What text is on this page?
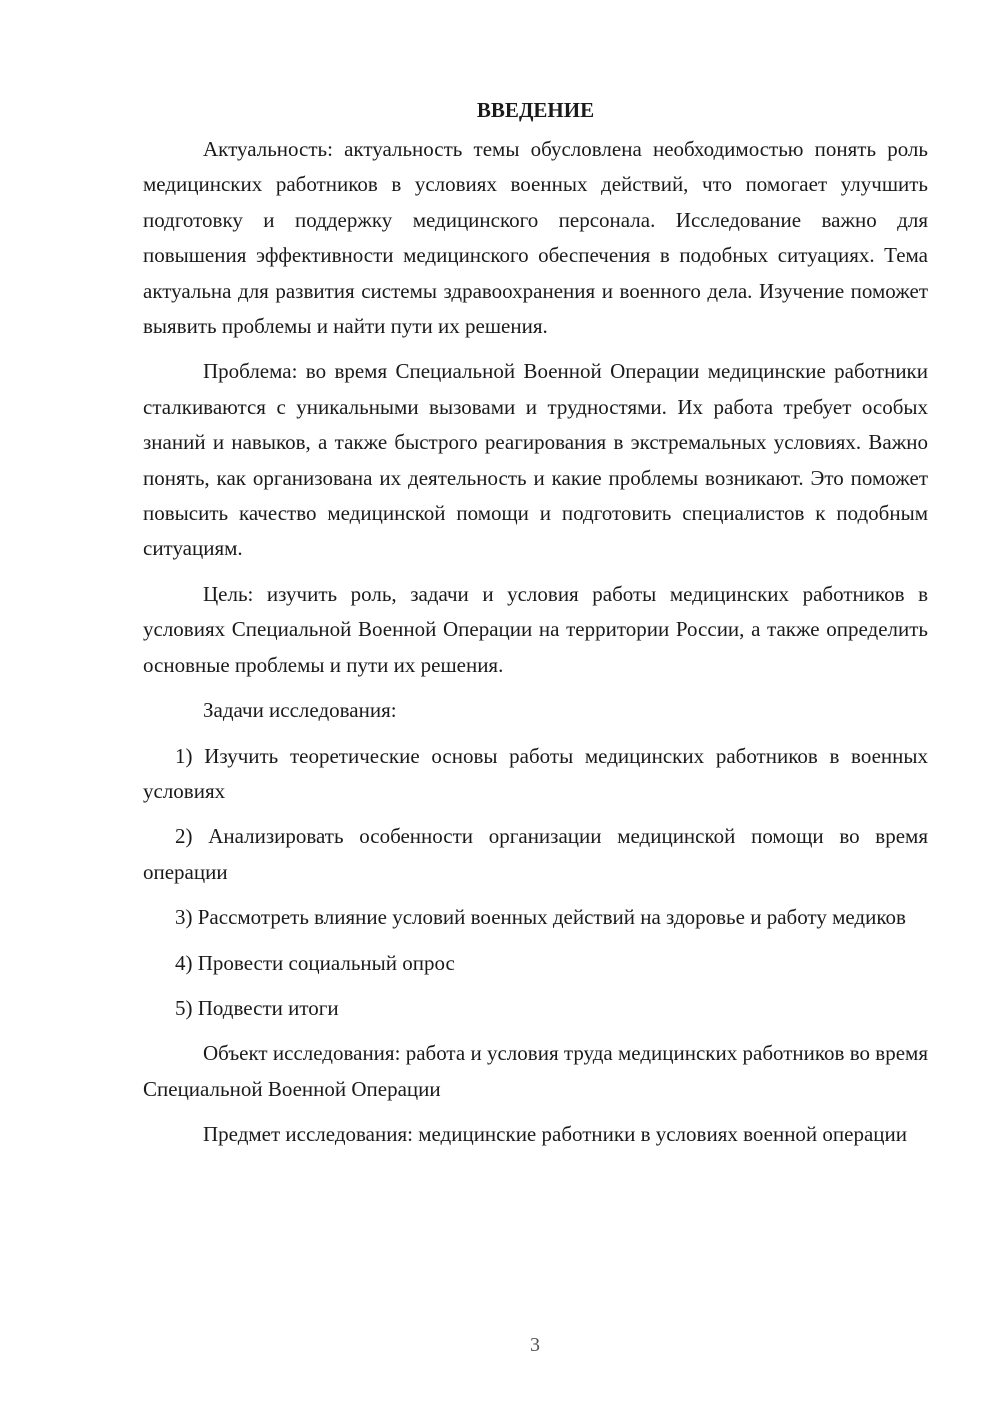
ВВЕДЕНИЕ

Актуальность: актуальность темы обусловлена необходимостью понять роль медицинских работников в условиях военных действий, что помогает улучшить подготовку и поддержку медицинского персонала. Исследование важно для повышения эффективности медицинского обеспечения в подобных ситуациях. Тема актуальна для развития системы здравоохранения и военного дела. Изучение поможет выявить проблемы и найти пути их решения.

Проблема: во время Специальной Военной Операции медицинские работники сталкиваются с уникальными вызовами и трудностями. Их работа требует особых знаний и навыков, а также быстрого реагирования в экстремальных условиях. Важно понять, как организована их деятельность и какие проблемы возникают. Это поможет повысить качество медицинской помощи и подготовить специалистов к подобным ситуациям.

Цель: изучить роль, задачи и условия работы медицинских работников в условиях Специальной Военной Операции на территории России, а также определить основные проблемы и пути их решения.

Задачи исследования:

1) Изучить теоретические основы работы медицинских работников в военных условиях

2) Анализировать особенности организации медицинской помощи во время операции

3) Рассмотреть влияние условий военных действий на здоровье и работу медиков

4) Провести социальный опрос

5) Подвести итоги

Объект исследования: работа и условия труда медицинских работников во время Специальной Военной Операции

Предмет исследования: медицинские работники в условиях военной операции

3
